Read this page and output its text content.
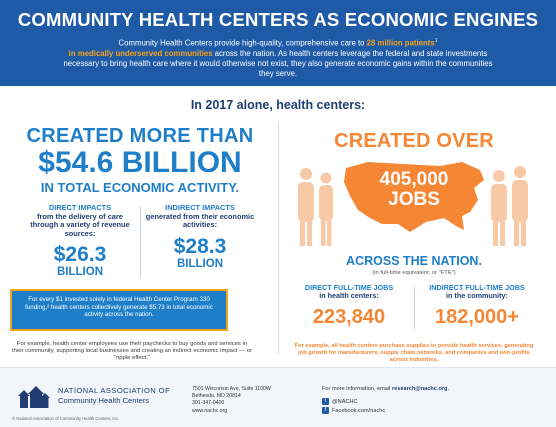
COMMUNITY HEALTH CENTERS AS ECONOMIC ENGINES

Community Health Centers provide high-quality, comprehensive care to 28 million patients$^1$
in medically underserved communities across the nation. As health centers leverage the federal and state investments necessary to bring health care where it would otherwise not exist, they also generate economic gains within the communities they serve.

In 2017 alone, health centers:
CREATED MORE THAN
$54.6 BILLION
IN TOTAL ECONOMIC ACTIVITY.
DIRECT IMPACTS
from the delivery of care through a variety of revenue sources:
$26.3
BILLION
INDIRECT IMPACTS
generated from their economic activities:
$28.3
BILLION
For every $1 invested solely in federal Health Center Program 330 funding,² health centers collectively generate $5.73 in total economic activity across the nation.
For example, health center employees use their paychecks to buy goods and services in their community, supporting local businesses and creating an indirect economic impact — or "ripple effect."
CREATED OVER
405,000
JOBS
ACROSS THE NATION.
(in full-time equivalent, or "FTE")
DIRECT FULL-TIME JOBS
in health centers:
223,840
INDIRECT FULL-TIME JOBS
in the community:
182,000+
For example, all health centers purchase supplies to provide health services, generating job growth for manufacturers, supply chain networks, and companies and non-profits across industries.
NATIONAL ASSOCIATION OF
Community Health Centers
© National Association of Community Health Centers, Inc.
7501 Wisconsin Ave, Suite 1100W
Bethesda, MD 20814
301-347-0400
www.nachc.org
For more information, email research@nachc.org.
t @NACHC
f Facebook.com/nachc
